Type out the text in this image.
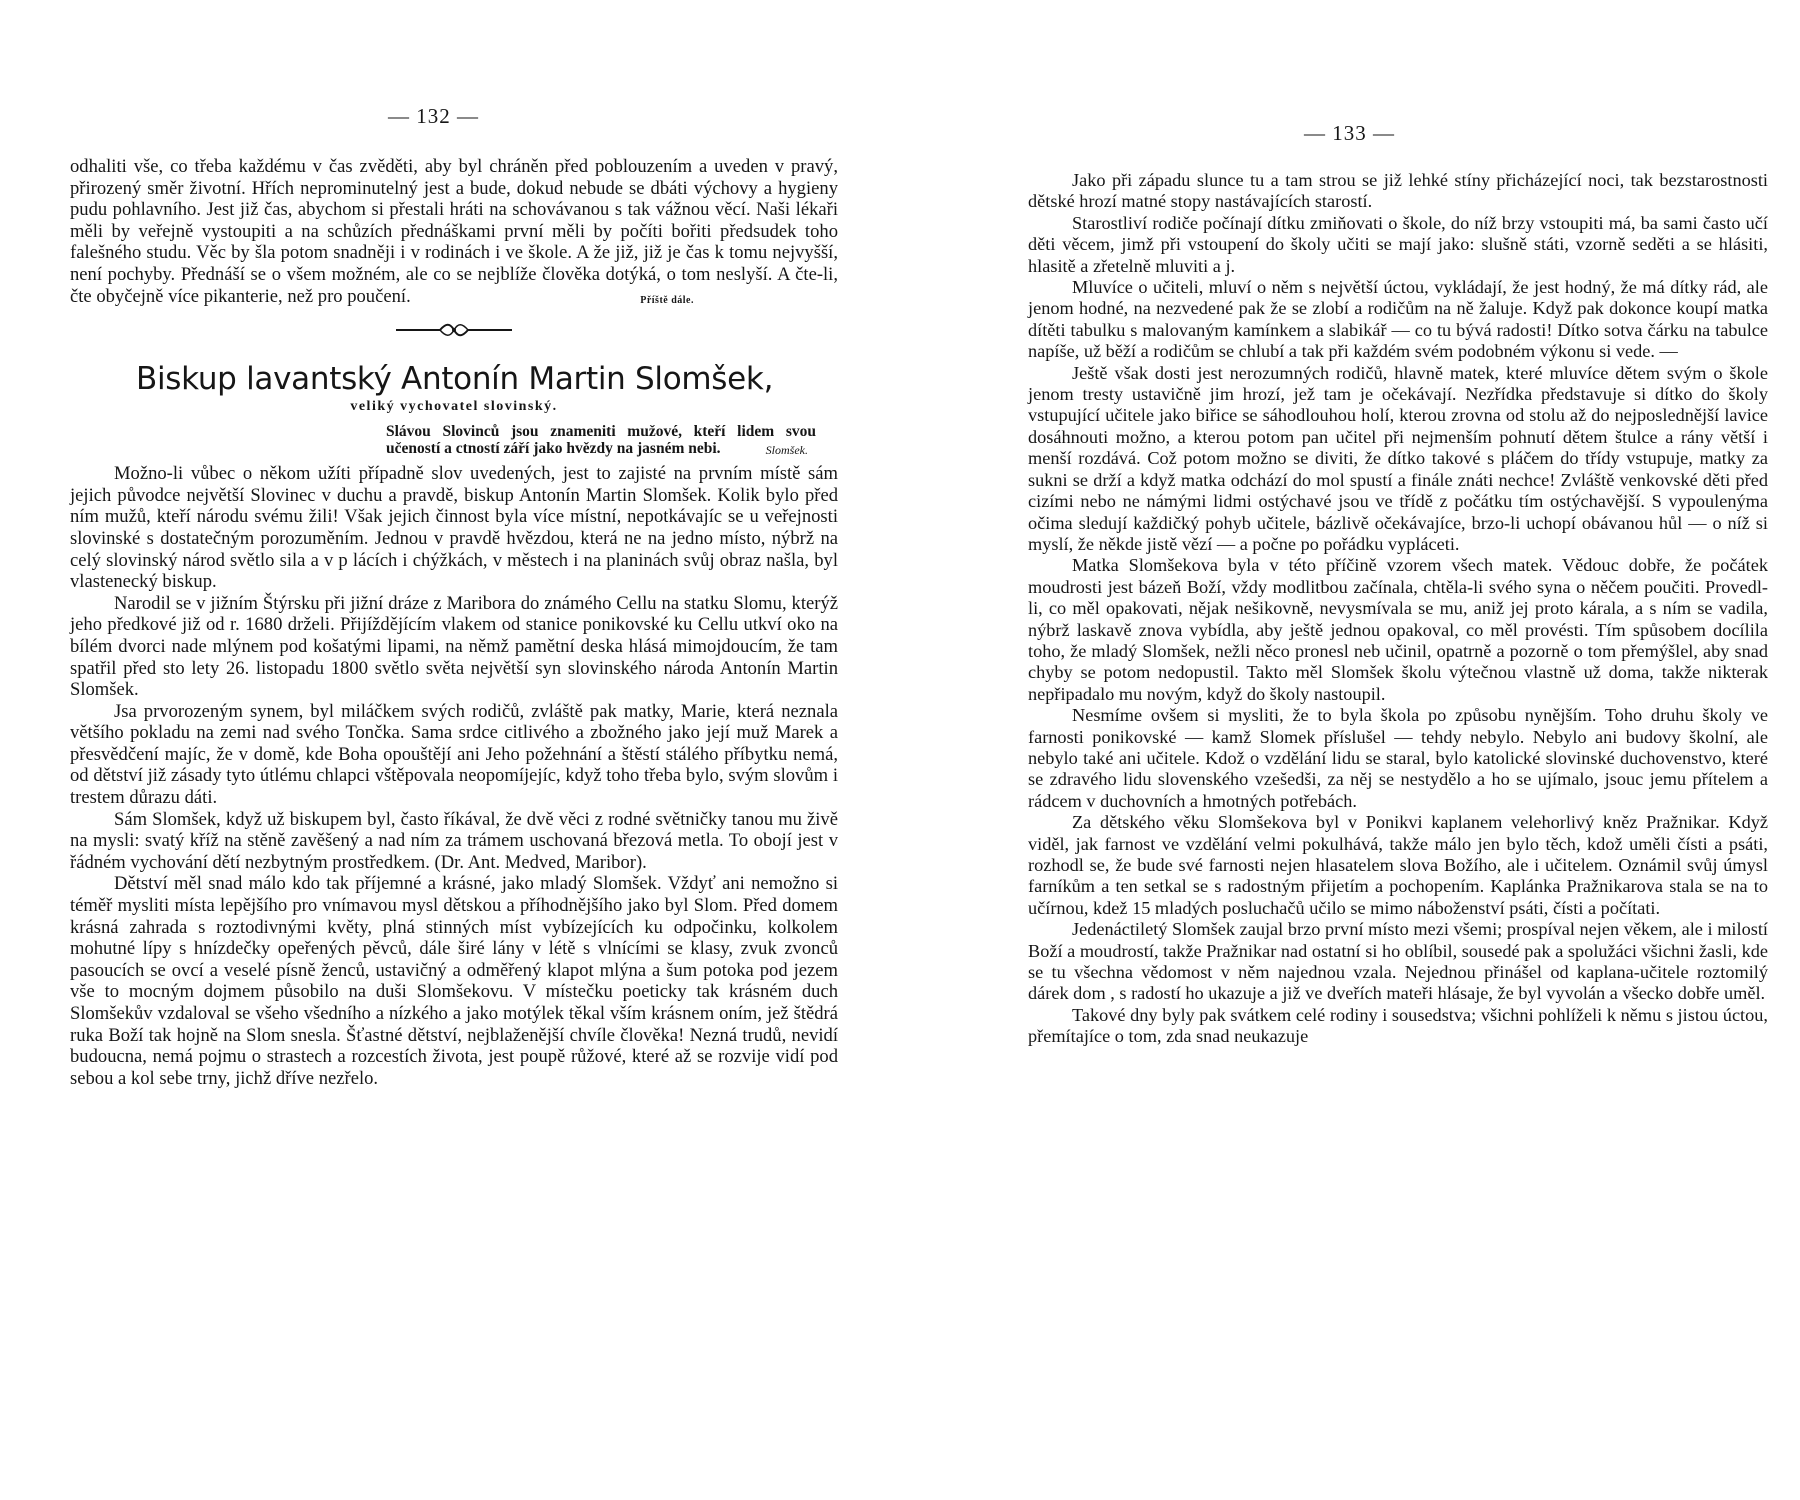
— 132 —

odhaliti vše, co třeba každému v čas zvěděti, aby byl chráněn před poblouzením a uveden v pravý, přirozený směr životní. Hřích neprominutelný jest a bude, dokud nebude se dbáti výchovy a hygieny pudu pohlavního. Jest již čas, abychom si přestali hráti na schovávanou s tak vážnou věcí. Naši lékaři měli by veřejně vystoupiti a na schůzích přednáškami první měli by počíti bořiti předsudek toho falešného studu. Věc by šla potom snadněji i v rodinách i ve škole. A že již, již je čas k tomu nejvyšší, není pochyby. Přednáší se o všem možném, ale co se nejblíže člověka dotýká, o tom neslyší. A čte-li, čte obyčejně více pikanterie, než pro poučení.	Příště dále.

Biskup lavantský Antonín Martin Slomšek,

veliký vychovatel slovinský.

Slávou Slovinců jsou znameniti mužové, kteří lidem svou učeností a ctností září jako hvězdy na jasném nebi.	Slomšek.

Možno-li vůbec o někom užíti případně slov uvedených, jest to zajisté na prvním místě sám jejich původce největší Slovinec v duchu a pravdě, biskup Antonín Martin Slomšek. Kolik bylo před ním mužů, kteří národu svému žili! Však jejich činnost byla více místní, nepotkávajíc se u veřejnosti slovinské s dostatečným porozuměním. Jednou v pravdě hvězdou, která ne na jedno místo, nýbrž na celý slovinský národ světlo sila a v p lácích i chýžkách, v městech i na planinách svůj obraz našla, byl vlastenecký biskup.

Narodil se v jižním Štýrsku při jižní dráze z Maribora do známého Cellu na statku Slomu, kterýž jeho předkové již od r. 1680 drželi. Přijíždějícím vlakem od stanice ponikovské ku Cellu utkví oko na bílém dvorci nade mlýnem pod košatými lipami, na němž pamětní deska hlásá mimojdoucím, že tam spatřil před sto lety 26. listopadu 1800 světlo světa největší syn slovinského národa Antonín Martin Slomšek.

Jsa prvorozeným synem, byl miláčkem svých rodičů, zvláště pak matky, Marie, která neznala většího pokladu na zemi nad svého Tončka. Sama srdce citlivého a zbožného jako její muž Marek a přesvědčení majíc, že v domě, kde Boha opouštějí ani Jeho požehnání a štěstí stálého příbytku nemá, od dětství již zásady tyto útlému chlapci vštěpovala neopomíjejíc, když toho třeba bylo, svým slovům i trestem důrazu dáti.

Sám Slomšek, když už biskupem byl, často říkával, že dvě věci z rodné světničky tanou mu živě na mysli: svatý kříž na stěně zavěšený a nad ním za trámem uschovaná březová metla. To obojí jest v řádném vychování dětí nezbytným prostředkem. (Dr. Ant. Medved, Maribor).

Dětství měl snad málo kdo tak příjemné a krásné, jako mladý Slomšek. Vždyť ani nemožno si téměř mysliti místa lepějšího pro vnímavou mysl dětskou a příhodnějšího jako byl Slom. Před domem krásná zahrada s roztodivnými květy, plná stinných míst vybízejících ku odpočinku, kolkolem mohutné lípy s hnízdečky opeřených pěvců, dále širé lány v létě s vlnícími se klasy, zvuk zvonců pasoucích se ovcí a veselé písně ženců, ustavičný a odměřený klapot mlýna a šum potoka pod jezem vše to mocným dojmem působilo na duši Slomšekovu. V místečku poeticky tak krásném duch Slomšekův vzdaloval se všeho všedního a nízkého a jako motýlek těkal vším krásnem oním, jež štědrá ruka Boží tak hojně na Slom snesla. Šťastné dětství, nejblaženější chvíle člověka! Nezná trudů, nevidí budoucna, nemá pojmu o strastech a rozcestích života, jest poupě růžové, které až se rozvije vidí pod sebou a kol sebe trny, jichž dříve nezřelo.

— 133 —

Jako při západu slunce tu a tam strou se již lehké stíny přicházející noci, tak bezstarostnosti dětské hrozí matné stopy nastávajících starostí.

Starostliví rodiče počínají dítku zmiňovati o škole, do níž brzy vstoupiti má, ba sami často učí děti věcem, jimž při vstoupení do školy učiti se mají jako: slušně státi, vzorně seděti a se hlásiti, hlasitě a zřetelně mluviti a j.

Mluvíce o učiteli, mluví o něm s největší úctou, vykládají, že jest hodný, že má dítky rád, ale jenom hodné, na nezvedené pak že se zlobí a rodičům na ně žaluje. Když pak dokonce koupí matka dítěti tabulku s malovaným kamínkem a slabikář — co tu bývá radosti! Dítko sotva čárku na tabulce napíše, už běží a rodičům se chlubí a tak při každém svém podobném výkonu si vede. —

Ještě však dosti jest nerozumných rodičů, hlavně matek, které mluvíce dětem svým o škole jenom tresty ustavičně jim hrozí, jež tam je očekávají. Nezřídka představuje si dítko do školy vstupující učitele jako biřice se sáhodlouhou holí, kterou zrovna od stolu až do nejposlednější lavice dosáhnouti možno, a kterou potom pan učitel při nejmenším pohnutí dětem štulce a rány větší i menší rozdává. Což potom možno se diviti, že dítko takové s pláčem do třídy vstupuje, matky za sukni se drží a když matka odchází do mol spustí a finále znáti nechce! Zvláště venkovské děti před cizími nebo ne námými lidmi ostýchavé jsou ve třídě z počátku tím ostýchavější. S vypoulenýma očima sledují každičký pohyb učitele, bázlivě očekávajíce, brzo-li uchopí obávanou hůl — o níž si myslí, že někde jistě vězí — a počne po pořádku vypláceti.

Matka Slomšekova byla v této příčině vzorem všech matek. Vědouc dobře, že počátek moudrosti jest bázeň Boží, vždy modlitbou začínala, chtěla-li svého syna o něčem poučiti. Provedl-li, co měl opakovati, nějak nešikovně, nevysmívala se mu, aniž jej proto kárala, a s ním se vadila, nýbrž laskavě znova vybídla, aby ještě jednou opakoval, co měl provésti. Tím spůsobem docílila toho, že mladý Slomšek, nežli něco pronesl neb učinil, opatrně a pozorně o tom přemýšlel, aby snad chyby se potom nedopustil. Takto měl Slomšek školu výtečnou vlastně už doma, takže nikterak nepřipadalo mu novým, když do školy nastoupil.

Nesmíme ovšem si mysliti, že to byla škola po způsobu nynějším. Toho druhu školy ve farnosti ponikovské — kamž Slomek příslušel — tehdy nebylo. Nebylo ani budovy školní, ale nebylo také ani učitele. Kdož o vzdělání lidu se staral, bylo katolické slovinské duchovenstvo, které se zdravého lidu slovenského vzešedši, za něj se nestydělo a ho se ujímalo, jsouc jemu přítelem a rádcem v duchovních a hmotných potřebách.

Za dětského věku Slomšekova byl v Ponikvi kaplanem velehorlivý kněz Pražnikar. Když viděl, jak farnost ve vzdělání velmi pokulhává, takže málo jen bylo těch, kdož uměli čísti a psáti, rozhodl se, že bude své farnosti nejen hlasatelem slova Božího, ale i učitelem. Oznámil svůj úmysl farníkům a ten setkal se s radostným přijetím a pochopením. Kaplánka Pražnikarova stala se na to učírnou, kdež 15 mladých posluchačů učilo se mimo náboženství psáti, čísti a počítati.

Jedenáctiletý Slomšek zaujal brzo první místo mezi všemi; prospíval nejen věkem, ale i milostí Boží a moudrostí, takže Pražnikar nad ostatní si ho oblíbil, sousedé pak a spolužáci všichni žasli, kde se tu všechna vědomost v něm najednou vzala. Nejednou přinášel od kaplana-učitele roztomilý dárek dom , s radostí ho ukazuje a již ve dveřích mateři hlásaje, že byl vyvolán a všecko dobře uměl.

Takové dny byly pak svátkem celé rodiny i sousedstva; všichni pohlíželi k němu s jistou úctou, přemítajíce o tom, zda snad neukazuje
